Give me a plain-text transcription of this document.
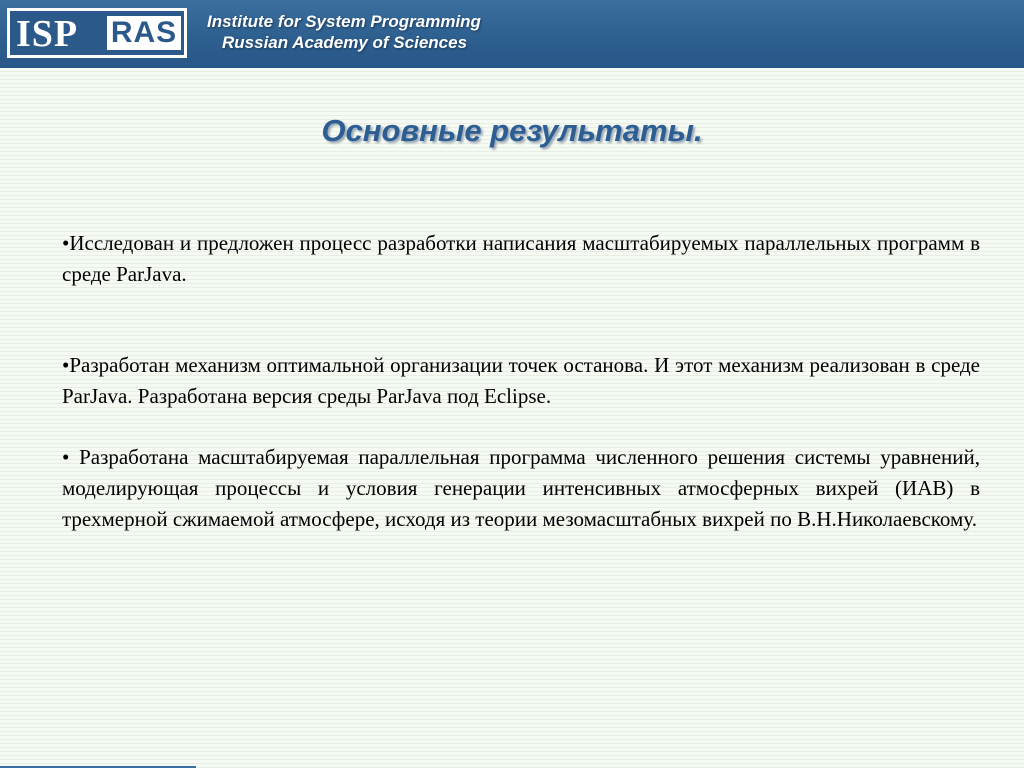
ISP RAS Institute for System Programming
Russian Academy of Sciences
Основные результаты.

•Исследован и предложен процесс разработки написания масштабируемых параллельных программ в среде ParJava.

•Разработан механизм оптимальной организации точек останова. И этот механизм реализован в среде ParJava. Разработана версия среды ParJava под Eclipse.

• Разработана масштабируемая параллельная программа численного решения системы уравнений, моделирующая процессы и условия генерации интенсивных атмосферных вихрей (ИАВ) в трехмерной сжимаемой атмосфере, исходя из теории мезомасштабных вихрей по В.Н.Николаевскому.
